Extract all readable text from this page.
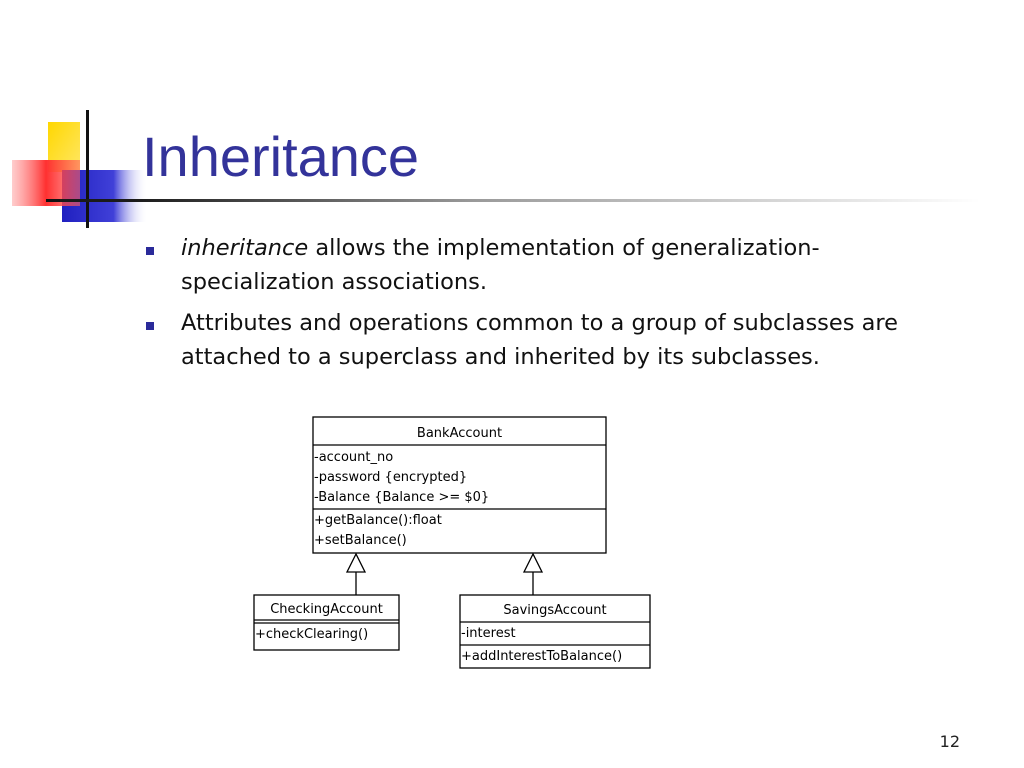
Inheritance
inheritance allows the implementation of generalization-specialization associations.
Attributes and operations common to a group of subclasses are attached to a superclass and inherited by its subclasses.
BankAccount
-account_no
-password {encrypted}
-Balance {Balance >= $0}
+getBalance():float
+setBalance()
CheckingAccount
+checkClearing()
SavingsAccount
-interest
+addInterestToBalance()
12
